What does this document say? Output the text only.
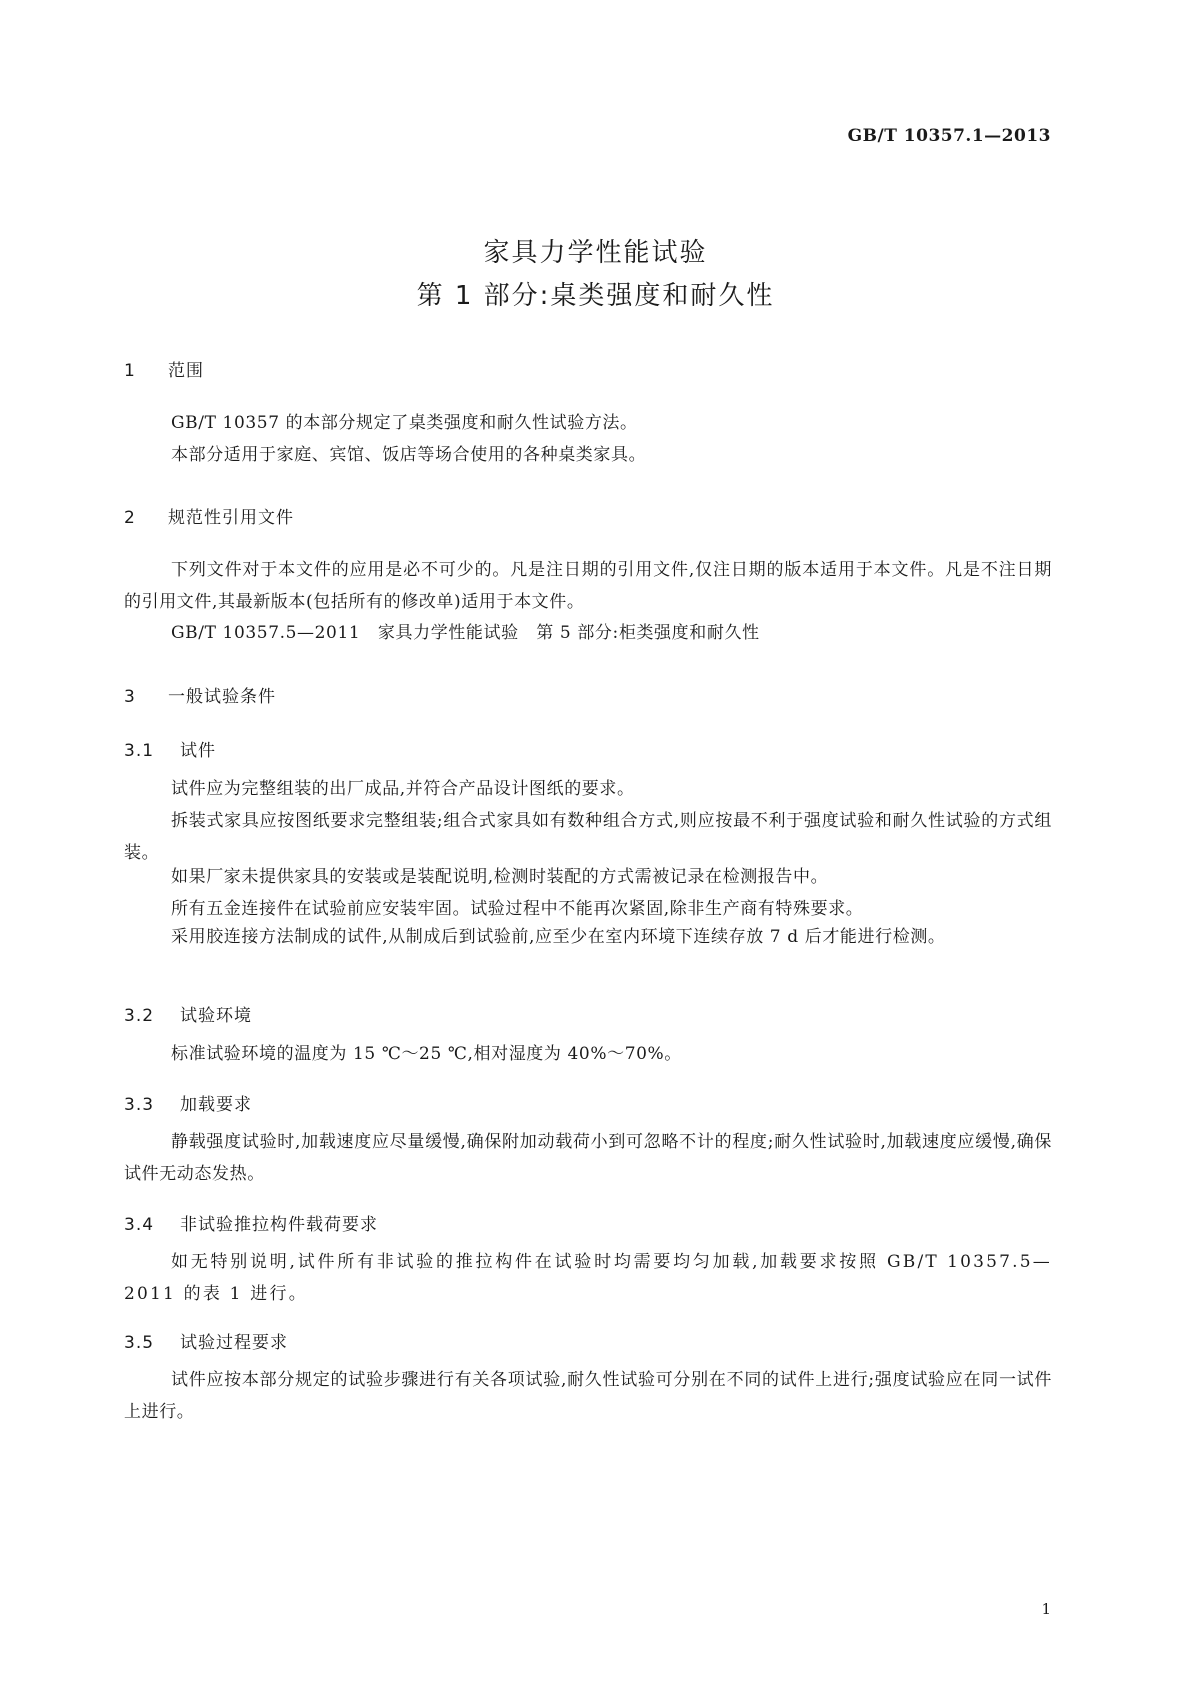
GB/T 10357.1—2013
家具力学性能试验
第 1 部分:桌类强度和耐久性
1 范围
GB/T 10357 的本部分规定了桌类强度和耐久性试验方法。
本部分适用于家庭、宾馆、饭店等场合使用的各种桌类家具。
2 规范性引用文件
下列文件对于本文件的应用是必不可少的。凡是注日期的引用文件,仅注日期的版本适用于本文件。凡是不注日期的引用文件,其最新版本(包括所有的修改单)适用于本文件。
GB/T 10357.5—2011　家具力学性能试验　第 5 部分:柜类强度和耐久性
3 一般试验条件
3.1 试件
试件应为完整组装的出厂成品,并符合产品设计图纸的要求。
拆装式家具应按图纸要求完整组装;组合式家具如有数种组合方式,则应按最不利于强度试验和耐久性试验的方式组装。
如果厂家未提供家具的安装或是装配说明,检测时装配的方式需被记录在检测报告中。
所有五金连接件在试验前应安装牢固。试验过程中不能再次紧固,除非生产商有特殊要求。
采用胶连接方法制成的试件,从制成后到试验前,应至少在室内环境下连续存放 7 d 后才能进行检测。
3.2 试验环境
标准试验环境的温度为 15 ℃～25 ℃,相对湿度为 40%～70%。
3.3 加载要求
静载强度试验时,加载速度应尽量缓慢,确保附加动载荷小到可忽略不计的程度;耐久性试验时,加载速度应缓慢,确保试件无动态发热。
3.4 非试验推拉构件载荷要求
如无特别说明,试件所有非试验的推拉构件在试验时均需要均匀加载,加载要求按照 GB/T 10357.5—2011 的表 1 进行。
3.5 试验过程要求
试件应按本部分规定的试验步骤进行有关各项试验,耐久性试验可分别在不同的试件上进行;强度试验应在同一试件上进行。
1
